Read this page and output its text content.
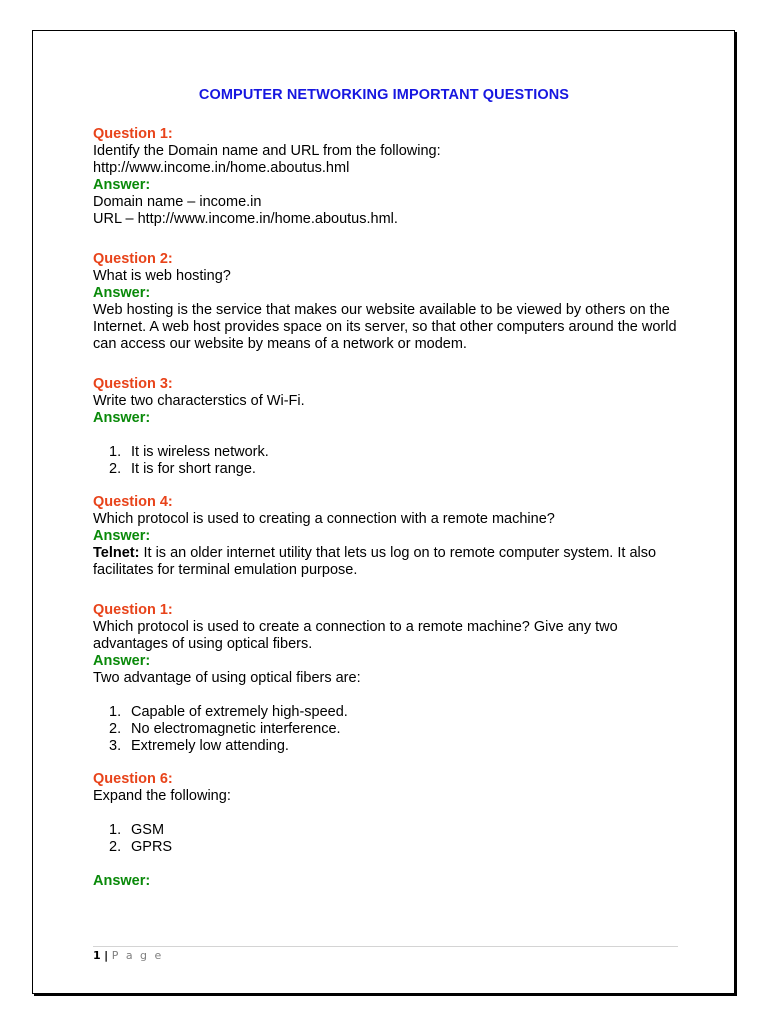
COMPUTER NETWORKING IMPORTANT QUESTIONS
Question 1:
Identify the Domain name and URL from the following:
http://www.income.in/home.aboutus.hml
Answer:
Domain name – income.in
URL – http://www.income.in/home.aboutus.hml.
Question 2:
What is web hosting?
Answer:
Web hosting is the service that makes our website available to be viewed by others on the Internet. A web host provides space on its server, so that other computers around the world can access our website by means of a network or modem.
Question 3:
Write two characterstics of Wi-Fi.
Answer:
1. It is wireless network.
2. It is for short range.
Question 4:
Which protocol is used to creating a connection with a remote machine?
Answer:
Telnet: It is an older internet utility that lets us log on to remote computer system. It also facilitates for terminal emulation purpose.
Question 1:
Which protocol is used to create a connection to a remote machine? Give any two advantages of using optical fibers.
Answer:
Two advantage of using optical fibers are:
1. Capable of extremely high-speed.
2. No electromagnetic interference.
3. Extremely low attending.
Question 6:
Expand the following:
1. GSM
2. GPRS
Answer:
1 | P a g e
